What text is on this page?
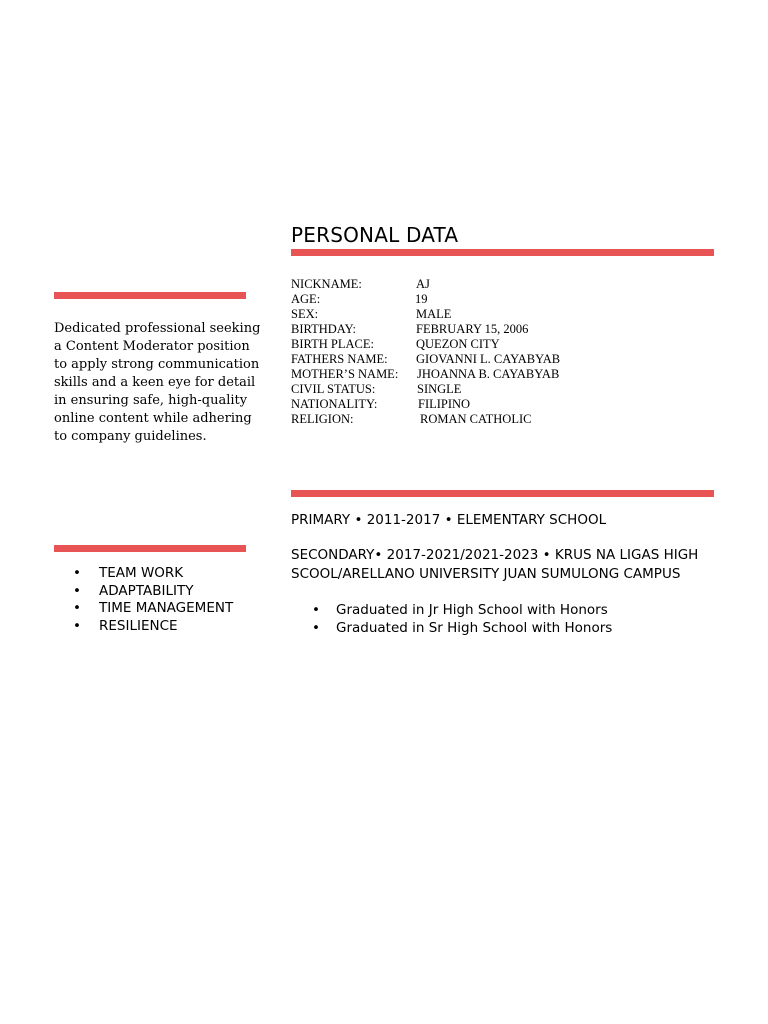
PERSONAL DATA

Dedicated professional seeking
a Content Moderator position
to apply strong communication
skills and a keen eye for detail
in ensuring safe, high-quality
online content while adhering
to company guidelines.

NICKNAME:	AJ
AGE:	19
SEX:	MALE
BIRTHDAY:	FEBRUARY 15, 2006
BIRTH PLACE:	QUEZON CITY
FATHERS NAME: GIOVANNI L. CAYABYAB
MOTHER’S NAME: JHOANNA B. CAYABYAB
CIVIL STATUS:	SINGLE
NATIONALITY:	FILIPINO
RELIGION:	ROMAN CATHOLIC
• TEAM WORK
• ADAPTABILITY
• TIME MANAGEMENT
• RESILIENCE

PRIMARY • 2011-2017 • ELEMENTARY SCHOOL

SECONDARY• 2017-2021/2021-2023 • KRUS NA LIGAS HIGH
SCOOL/ARELLANO UNIVERSITY JUAN SUMULONG CAMPUS

• Graduated in Jr High School with Honors
• Graduated in Sr High School with Honors
